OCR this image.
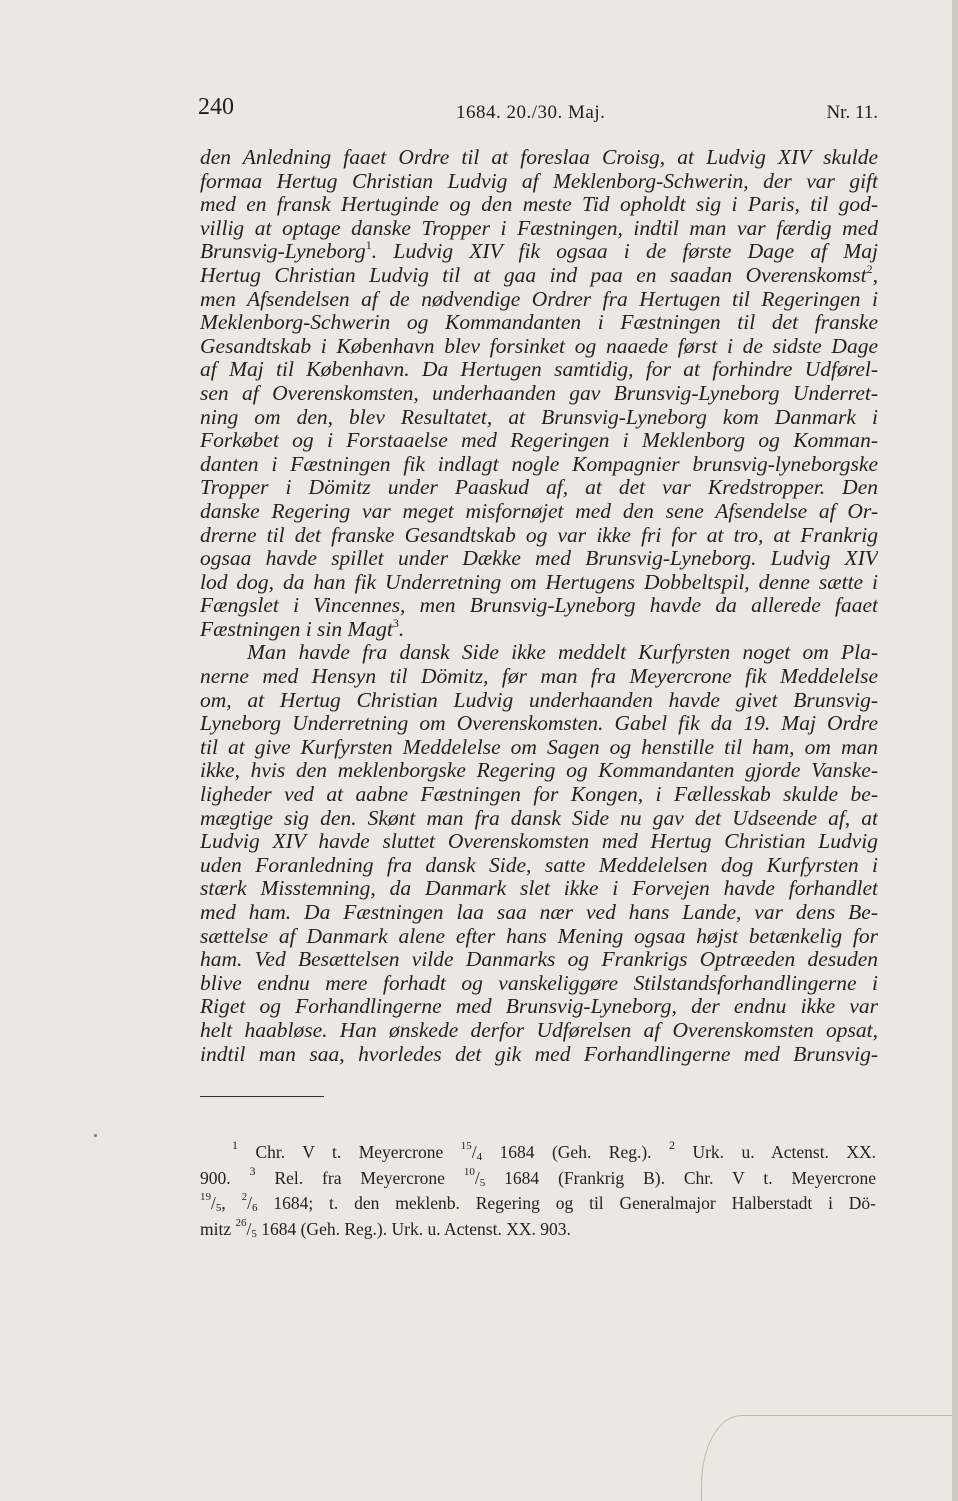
240	1684. 20./30. Maj.	Nr. 11.
den Anledning faaet Ordre til at foreslaa Croisg, at Ludvig XIV skulde
formaa Hertug Christian Ludvig af Meklenborg-Schwerin, der var gift
med en fransk Hertuginde og den meste Tid opholdt sig i Paris, til god-
villig at optage danske Tropper i Fæstningen, indtil man var færdig med
Brunsvig-Lyneborg$^1$. Ludvig XIV fik ogsaa i de første Dage af Maj
Hertug Christian Ludvig til at gaa ind paa en saadan Overenskomst$^2$,
men Afsendelsen af de nødvendige Ordrer fra Hertugen til Regeringen i
Meklenborg-Schwerin og Kommandanten i Fæstningen til det franske
Gesandtskab i København blev forsinket og naaede først i de sidste Dage
af Maj til København. Da Hertugen samtidig, for at forhindre Udførel-
sen af Overenskomsten, underhaanden gav Brunsvig-Lyneborg Underret-
ning om den, blev Resultatet, at Brunsvig-Lyneborg kom Danmark i
Forkøbet og i Forstaaelse med Regeringen i Meklenborg og Komman-
danten i Fæstningen fik indlagt nogle Kompagnier brunsvig-lyneborgske
Tropper i Dömitz under Paaskud af, at det var Kredstropper. Den
danske Regering var meget misfornøjet med den sene Afsendelse af Or-
drerne til det franske Gesandtskab og var ikke fri for at tro, at Frankrig
ogsaa havde spillet under Dække med Brunsvig-Lyneborg. Ludvig XIV
lod dog, da han fik Underretning om Hertugens Dobbeltspil, denne sætte i
Fængslet i Vincennes, men Brunsvig-Lyneborg havde da allerede faaet
Fæstningen i sin Magt$^3$.
Man havde fra dansk Side ikke meddelt Kurfyrsten noget om Pla-
nerne med Hensyn til Dömitz, før man fra Meyercrone fik Meddelelse
om, at Hertug Christian Ludvig underhaanden havde givet Brunsvig-
Lyneborg Underretning om Overenskomsten. Gabel fik da 19. Maj Ordre
til at give Kurfyrsten Meddelelse om Sagen og henstille til ham, om man
ikke, hvis den meklenborgske Regering og Kommandanten gjorde Vanske-
ligheder ved at aabne Fæstningen for Kongen, i Fællesskab skulde be-
mægtige sig den. Skønt man fra dansk Side nu gav det Udseende af, at
Ludvig XIV havde sluttet Overenskomsten med Hertug Christian Ludvig
uden Foranledning fra dansk Side, satte Meddelelsen dog Kurfyrsten i
stærk Misstemning, da Danmark slet ikke i Forvejen havde forhandlet
med ham. Da Fæstningen laa saa nær ved hans Lande, var dens Be-
sættelse af Danmark alene efter hans Mening ogsaa højst betænkelig for
ham. Ved Besættelsen vilde Danmarks og Frankrigs Optræeden desuden
blive endnu mere forhadt og vanskeliggøre Stilstandsforhandlingerne i
Riget og Forhandlingerne med Brunsvig-Lyneborg, der endnu ikke var
helt haabløse. Han ønskede derfor Udførelsen af Overenskomsten opsat,
indtil man saa, hvorledes det gik med Forhandlingerne med Brunsvig-
$^1$ Chr. V t. Meyercrone $^{15}/_4$ 1684 (Geh. Reg.). $^2$ Urk. u. Actenst. XX.
900. $^3$ Rel. fra Meyercrone $^{10}/_5$ 1684 (Frankrig B). Chr. V t. Meyercrone
$^{19}/_5$, $^2/_6$ 1684; t. den meklenb. Regering og til Generalmajor Halberstadt i Dö-
mitz $^{26}/_5$ 1684 (Geh. Reg.). Urk. u. Actenst. XX. 903.
